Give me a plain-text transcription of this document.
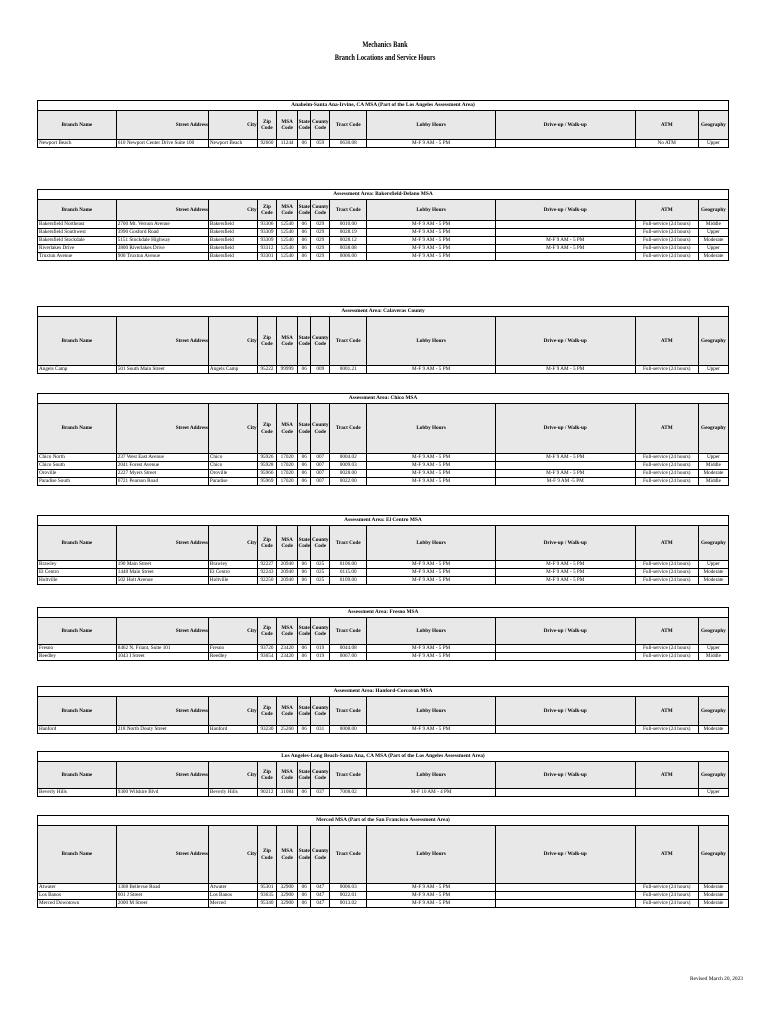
Mechanics Bank
Branch Locations and Service Hours
Anaheim-Santa Ana-Irvine, CA MSA (Part of the Los Angeles Assessment Area)
Branch Name	Street Address	City	Zip Code	MSA Code	State Code	County Code	Tract Code	Lobby Hours	Drive-up / Walk-up	ATM	Geography
Newport Beach	610 Newport Center Drive Suite 100	Newport Beach	92660	11244	06	059	0630.08	M-F 9 AM - 5 PM		No ATM	Upper
Assessment Area: Bakersfield-Delano MSA
Branch Name	Street Address	City	Zip Code	MSA Code	State Code	County Code	Tract Code	Lobby Hours	Drive-up / Walk-up	ATM	Geography
Bakersfield Northeast	2700 Mt. Vernon Avenue	Bakersfield	93306	12540	06	029	0010.00	M-F 9 AM - 5 PM		Full-service (24 hours)	Middle
Bakersfield Southwest	3990 Gosford Road	Bakersfield	93309	12540	06	029	0028.19	M-F 9 AM - 5 PM		Full-service (24 hours)	Upper
Bakersfield Stockdale	5151 Stockdale Highway	Bakersfield	93309	12540	06	029	0028.12	M-F 9 AM - 5 PM	M-F 9 AM - 5 PM	Full-service (24 hours)	Moderate
Riverlakes Drive	3800 Riverlakes Drive	Bakersfield	93312	12540	06	029	0038.08	M-F 9 AM - 5 PM	M-F 9 AM - 5 PM	Full-service (24 hours)	Upper
Truxtun Avenue	900 Truxtun Avenue	Bakersfield	93301	12540	06	029	0006.00	M-F 9 AM - 5 PM		Full-service (24 hours)	Moderate
Assessment Area: Calaveras County
Branch Name	Street Address	City	Zip Code	MSA Code	State Code	County Code	Tract Code	Lobby Hours	Drive-up / Walk-up	ATM	Geography
Angels Camp	501 South Main Street	Angels Camp	95222	99999	06	009	0001.21	M-F 9 AM - 5 PM	M-F 9 AM - 5 PM	Full-service (24 hours)	Upper
Assessment Area: Chico MSA
Branch Name	Street Address	City	Zip Code	MSA Code	State Code	County Code	Tract Code	Lobby Hours	Drive-up / Walk-up	ATM	Geography
Chico North	237 West East Avenue	Chico	95926	17020	06	007	0004.02	M-F 9 AM - 5 PM	M-F 9 AM - 5 PM	Full-service (24 hours)	Upper
Chico South	2041 Forest Avenue	Chico	95928	17020	06	007	0009.03	M-F 9 AM - 5 PM		Full-service (24 hours)	Middle
Oroville	2227 Myers Street	Oroville	95966	17020	06	007	0028.00	M-F 9 AM - 5 PM	M-F 9 AM - 5 PM	Full-service (24 hours)	Moderate
Paradise South	6721 Pearson Road	Paradise	95969	17020	06	007	0022.00	M-F 9 AM - 5 PM	M-F 9 AM -5 PM	Full-service (24 hours)	Middle
Assessment Area: El Centro MSA
Branch Name	Street Address	City	Zip Code	MSA Code	State Code	County Code	Tract Code	Lobby Hours	Drive-up / Walk-up	ATM	Geography
Brawley	190 Main Street	Brawley	92227	20940	06	025	0106.00	M-F 9 AM - 5 PM	M-F 9 AM - 5 PM	Full-service (24 hours)	Upper
El Centro	1448 Main Street	El Centro	92243	20940	06	025	0115.00	M-F 9 AM - 5 PM	M-F 9 AM - 5 PM	Full-service (24 hours)	Moderate
Holtville	502 Holt Avenue	Holtville	92250	20940	06	025	0109.00	M-F 9 AM - 5 PM	M-F 9 AM - 5 PM	Full-service (24 hours)	Moderate
Assessment Area: Fresno MSA
Branch Name	Street Address	City	Zip Code	MSA Code	State Code	County Code	Tract Code	Lobby Hours	Drive-up / Walk-up	ATM	Geography
Fresno	8462 N. Friant, Suite 101	Fresno	93720	23420	06	019	0044.08	M-F 9 AM - 5 PM		Full-service (24 hours)	Upper
Reedley	1043 I Street	Reedley	93654	23420	06	019	0067.00	M-F 9 AM - 5 PM		Full-service (24 hours)	Middle
Assessment Area: Hanford-Corcoran MSA
Branch Name	Street Address	City	Zip Code	MSA Code	State Code	County Code	Tract Code	Lobby Hours	Drive-up / Walk-up	ATM	Geography
Hanford	218 North Douty Street	Hanford	93230	25260	06	031	0008.00	M-F 9 AM - 5 PM		Full-service (24 hours)	Moderate
Los Angeles-Long Beach-Santa Ana, CA MSA (Part of the Los Angeles Assessment Area)
Branch Name	Street Address	City	Zip Code	MSA Code	State Code	County Code	Tract Code	Lobby Hours	Drive-up / Walk-up	ATM	Geography
Beverly Hills	9300 Wilshire Blvd	Beverly Hills	90212	31084	06	037	7008.02	M-F 10 AM - 4 PM			Upper
Merced MSA (Part of the San Francisco Assessment Area)
Branch Name	Street Address	City	Zip Code	MSA Code	State Code	County Code	Tract Code	Lobby Hours	Drive-up / Walk-up	ATM	Geography
Atwater	1368 Bellevue Road	Atwater	95301	32900	06	047	0006.03	M-F 9 AM - 5 PM		Full-service (24 hours)	Moderate
Los Banos	601 J Street	Los Banos	93635	32900	06	047	0022.01	M-F 9 AM - 5 PM		Full-service (24 hours)	Moderate
Merced Downtown	2000 M Street	Merced	95340	32900	06	047	0013.02	M-F 9 AM - 5 PM		Full-service (24 hours)	Moderate
Revised March 20, 2023
